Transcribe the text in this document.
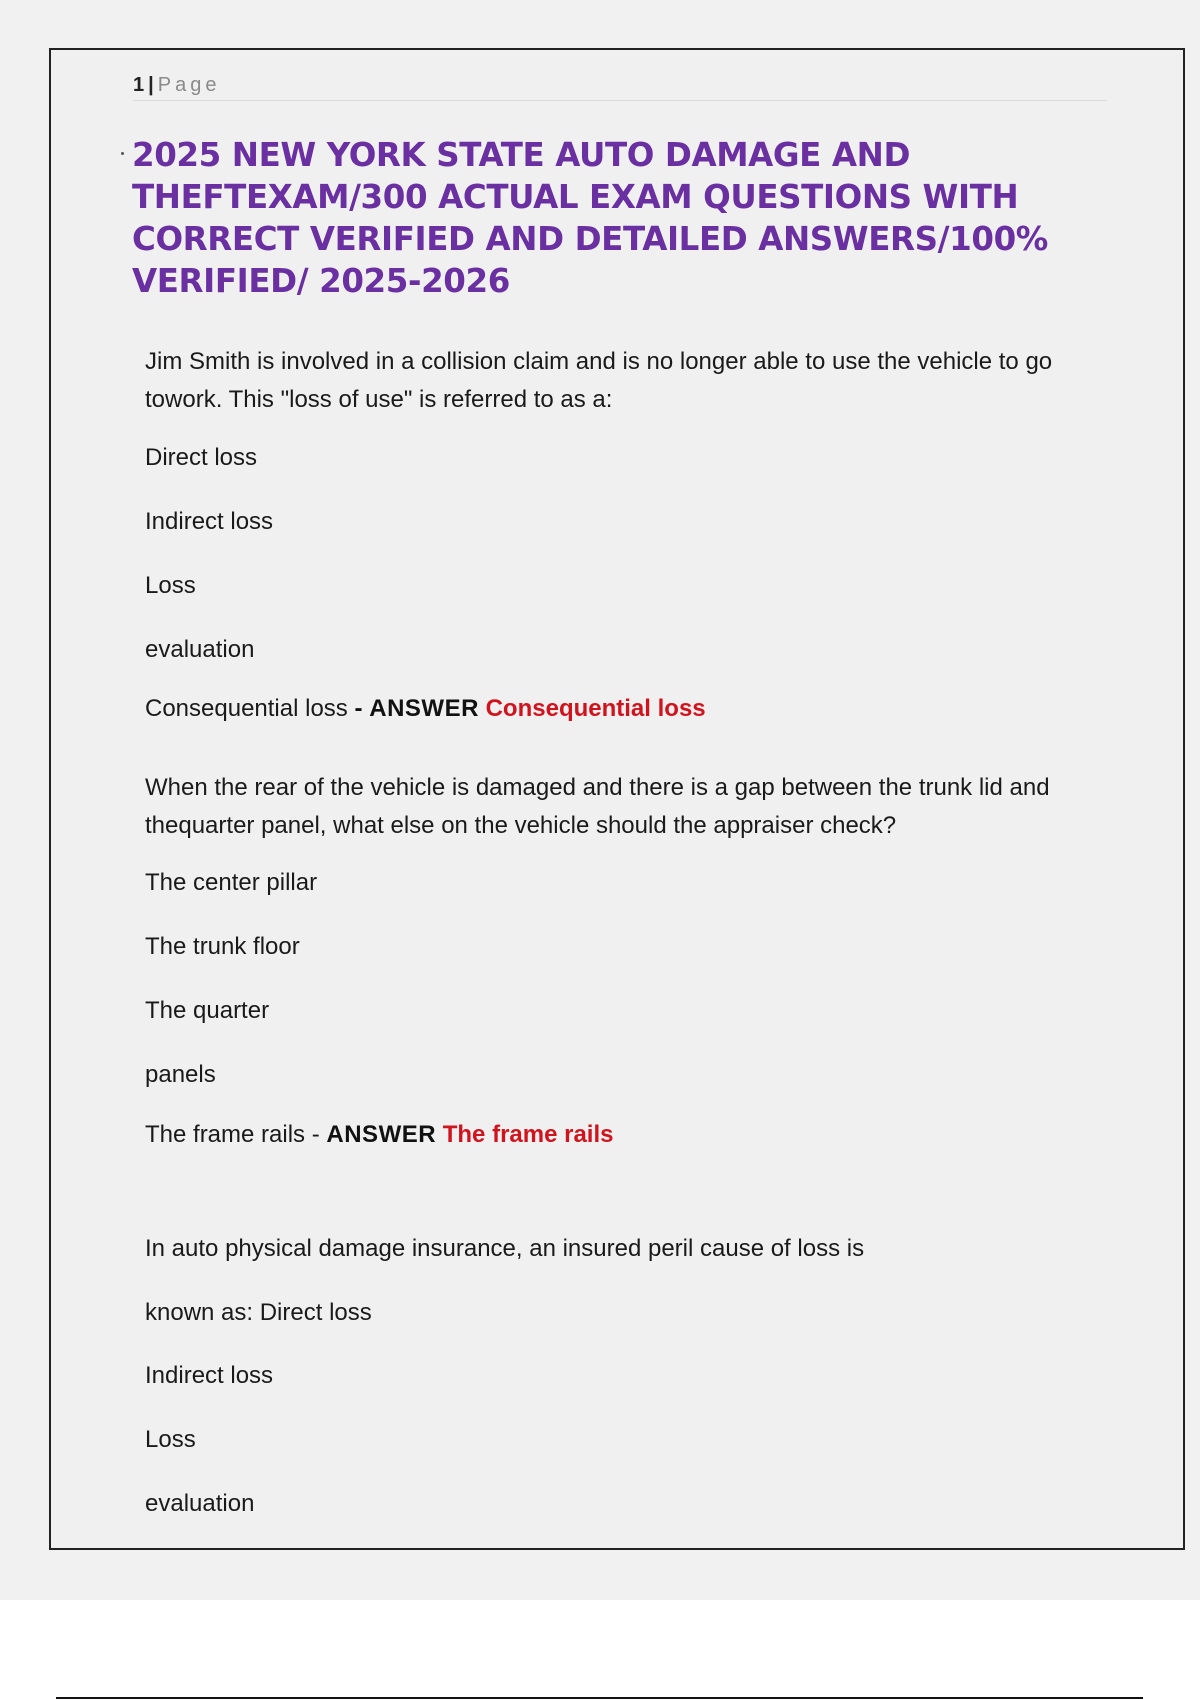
1 | Page
2025 NEW YORK STATE AUTO DAMAGE AND THEFTEXAM/300 ACTUAL EXAM QUESTIONS WITH CORRECT VERIFIED AND DETAILED ANSWERS/100% VERIFIED/ 2025-2026
Jim Smith is involved in a collision claim and is no longer able to use the vehicle to go towork. This "loss of use" is referred to as a:
Direct loss
Indirect loss
Loss
evaluation
Consequential loss - ANSWER Consequential loss
When the rear of the vehicle is damaged and there is a gap between the trunk lid and thequarter panel, what else on the vehicle should the appraiser check?
The center pillar
The trunk floor
The quarter
panels
The frame rails - ANSWER The frame rails
In auto physical damage insurance, an insured peril cause of loss is
known as: Direct loss
Indirect loss
Loss
evaluation
